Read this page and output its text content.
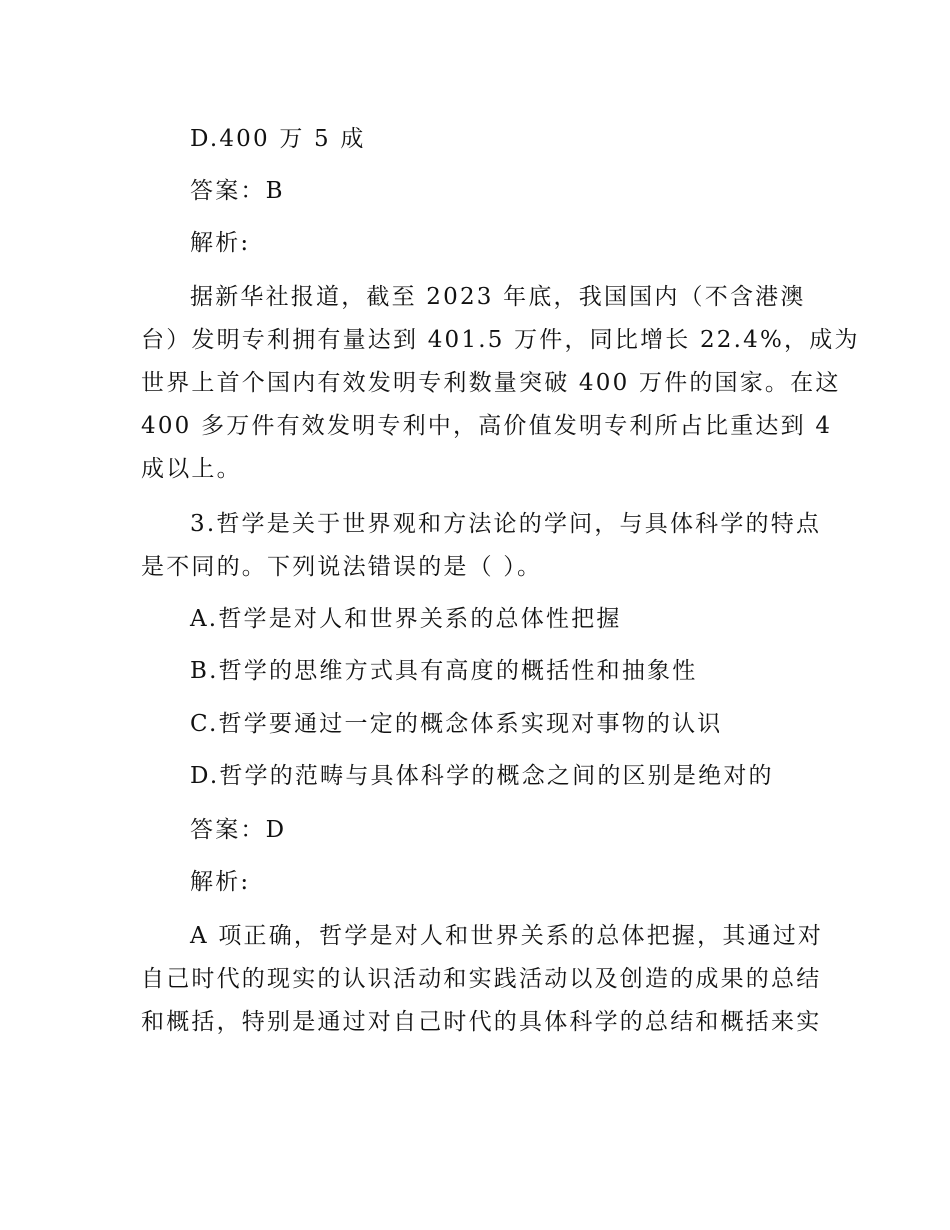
D.400 万 5 成
答案：B
解析:
据新华社报道，截至 2023 年底，我国国内（不含港澳
台）发明专利拥有量达到 401.5 万件，同比增长 22.4%，成为
世界上首个国内有效发明专利数量突破 400 万件的国家。在这
400 多万件有效发明专利中，高价值发明专利所占比重达到 4
成以上。
3.哲学是关于世界观和方法论的学问，与具体科学的特点
是不同的。下列说法错误的是（ ）。
A.哲学是对人和世界关系的总体性把握
B.哲学的思维方式具有高度的概括性和抽象性
C.哲学要通过一定的概念体系实现对事物的认识
D.哲学的范畴与具体科学的概念之间的区别是绝对的
答案：D
解析:
A 项正确，哲学是对人和世界关系的总体把握，其通过对
自己时代的现实的认识活动和实践活动以及创造的成果的总结
和概括，特别是通过对自己时代的具体科学的总结和概括来实
